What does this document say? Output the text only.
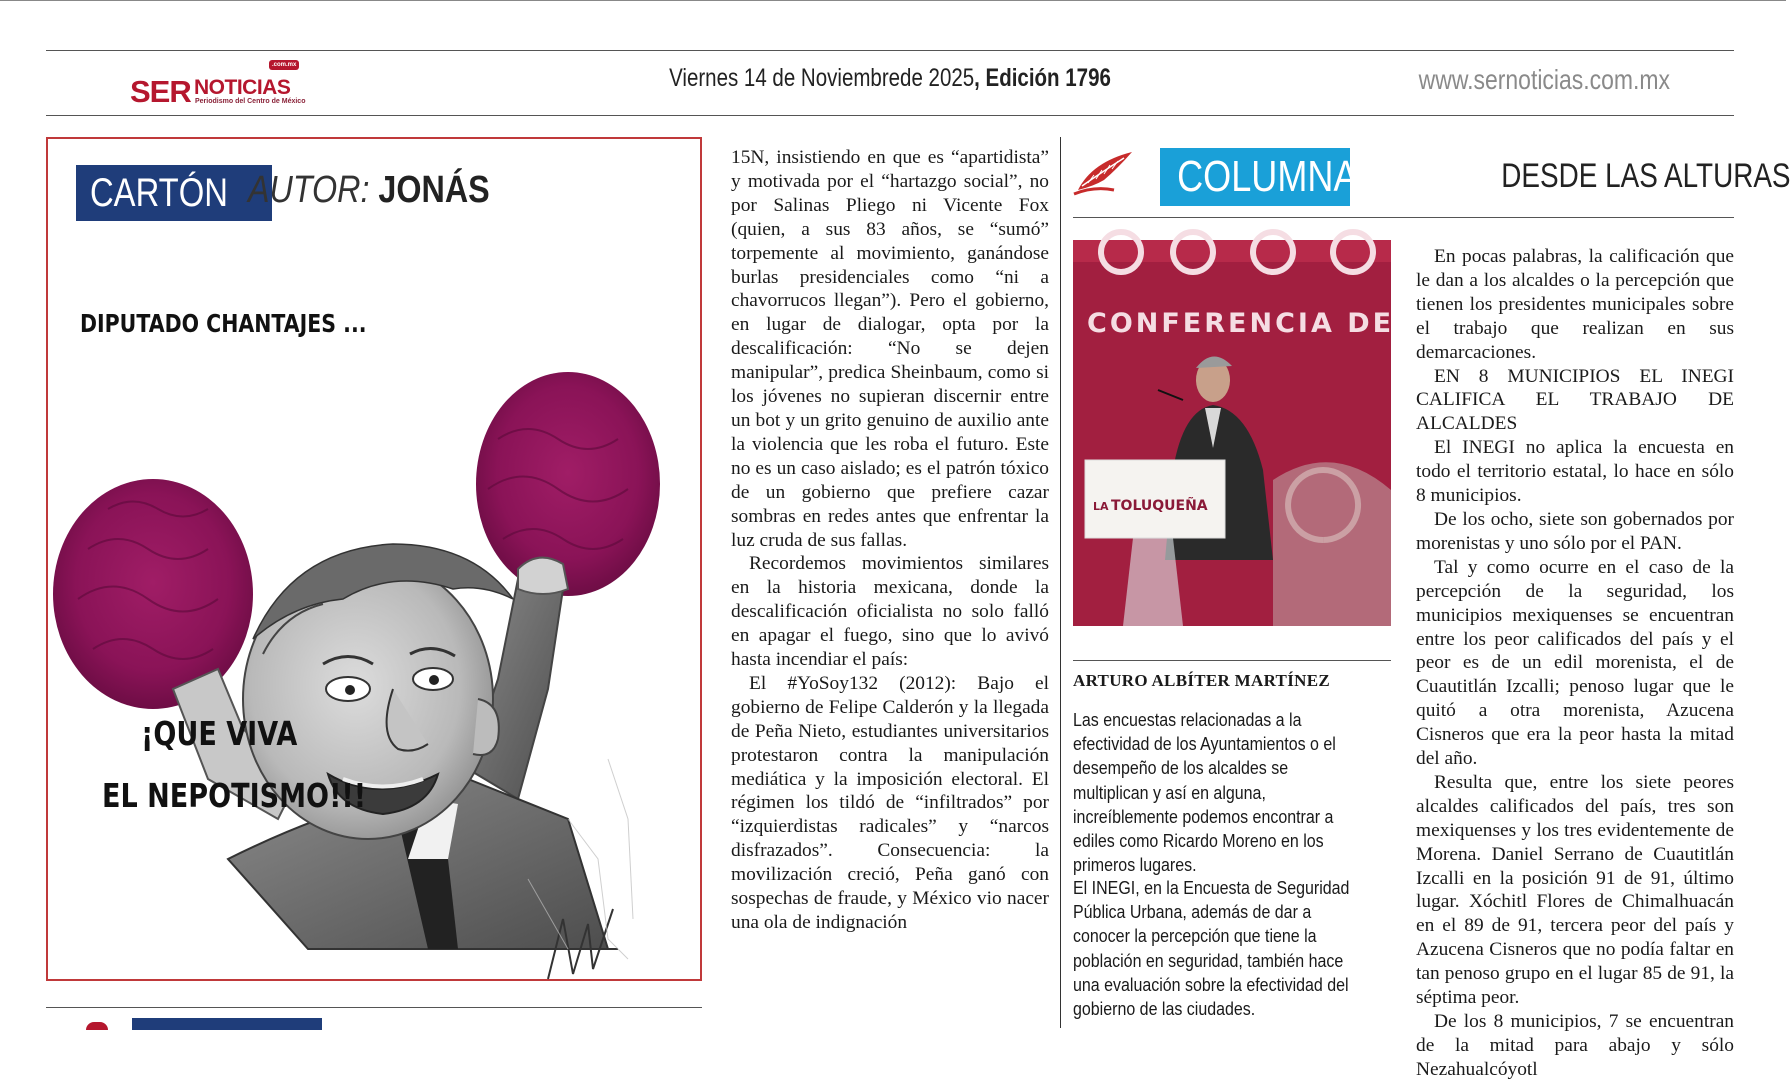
SER NOTICIAS
.com.mx
Periodismo del Centro de México
Viernes 14 de Noviembrede 2025, Edición 1796	www.sernoticias.com.mx
CARTÓN AUTOR: JONÁS
DIPUTADO CHANTAJES ...
¡QUE VIVA
EL NEPOTISMO!!!

15N, insistiendo en que es “apartidista” y motivada por el “hartazgo social”, no por Salinas Pliego ni Vicente Fox (quien, a sus 83 años, se “sumó” torpemente al movimiento, ganándose burlas presidenciales como “ni a chavorrucos llegan”). Pero el gobierno, en lugar de dialogar, opta por la descalificación: “No se dejen manipular”, predica Sheinbaum, como si los jóvenes no supieran discernir entre un bot y un grito genuino de auxilio ante la violencia que les roba el futuro. Este no es un caso aislado; es el patrón tóxico de un gobierno que prefiere cazar sombras en redes antes que enfrentar la luz cruda de sus fallas.

Recordemos movimientos similares en la historia mexicana, donde la descalificación oficialista no solo falló en apagar el fuego, sino que lo avivó hasta incendiar el país:

El #YoSoy132 (2012): Bajo el gobierno de Felipe Calderón y la llegada de Peña Nieto, estudiantes universitarios protestaron contra la manipulación mediática y la imposición electoral. El régimen los tildó de “infiltrados” por “izquierdistas radicales” y “narcos disfrazados”. Consecuencia: la movilización creció, Peña ganó con sospechas de fraude, y México vio nacer una ola de indignación

COLUMNA	DESDE LAS ALTURAS
CONFERENCIA DE
LA TOLUQUEÑA
ARTURO ALBÍTER MARTÍNEZ
Las encuestas relacionadas a la efectividad de los Ayuntamientos o el desempeño de los alcaldes se multiplican y así en alguna, increíblemente podemos encontrar a ediles como Ricardo Moreno en los primeros lugares.
El INEGI, en la Encuesta de Seguridad Pública Urbana, además de dar a conocer la percepción que tiene la población en seguridad, también hace una evaluación sobre la efectividad del gobierno de las ciudades.

En pocas palabras, la calificación que le dan a los alcaldes o la percepción que tienen los presidentes municipales sobre el trabajo que realizan en sus demarcaciones.

EN 8 MUNICIPIOS EL INEGI CALIFICA EL TRABAJO DE ALCALDES

El INEGI no aplica la encuesta en todo el territorio estatal, lo hace en sólo 8 municipios.

De los ocho, siete son gobernados por morenistas y uno sólo por el PAN.

Tal y como ocurre en el caso de la percepción de la seguridad, los municipios mexiquenses se encuentran entre los peor calificados del país y el peor es de un edil morenista, el de Cuautitlán Izcalli; penoso lugar que le quitó a otra morenista, Azucena Cisneros que era la peor hasta la mitad del año.

Resulta que, entre los siete peores alcaldes calificados del país, tres son mexiquenses y los tres evidentemente de Morena. Daniel Serrano de Cuautitlán Izcalli en la posición 91 de 91, último lugar. Xóchitl Flores de Chimalhuacán en el 89 de 91, tercera peor del país y Azucena Cisneros que no podía faltar en tan penoso grupo en el lugar 85 de 91, la séptima peor.

De los 8 municipios, 7 se encuentran de la mitad para abajo y sólo Nezahualcóyotl
